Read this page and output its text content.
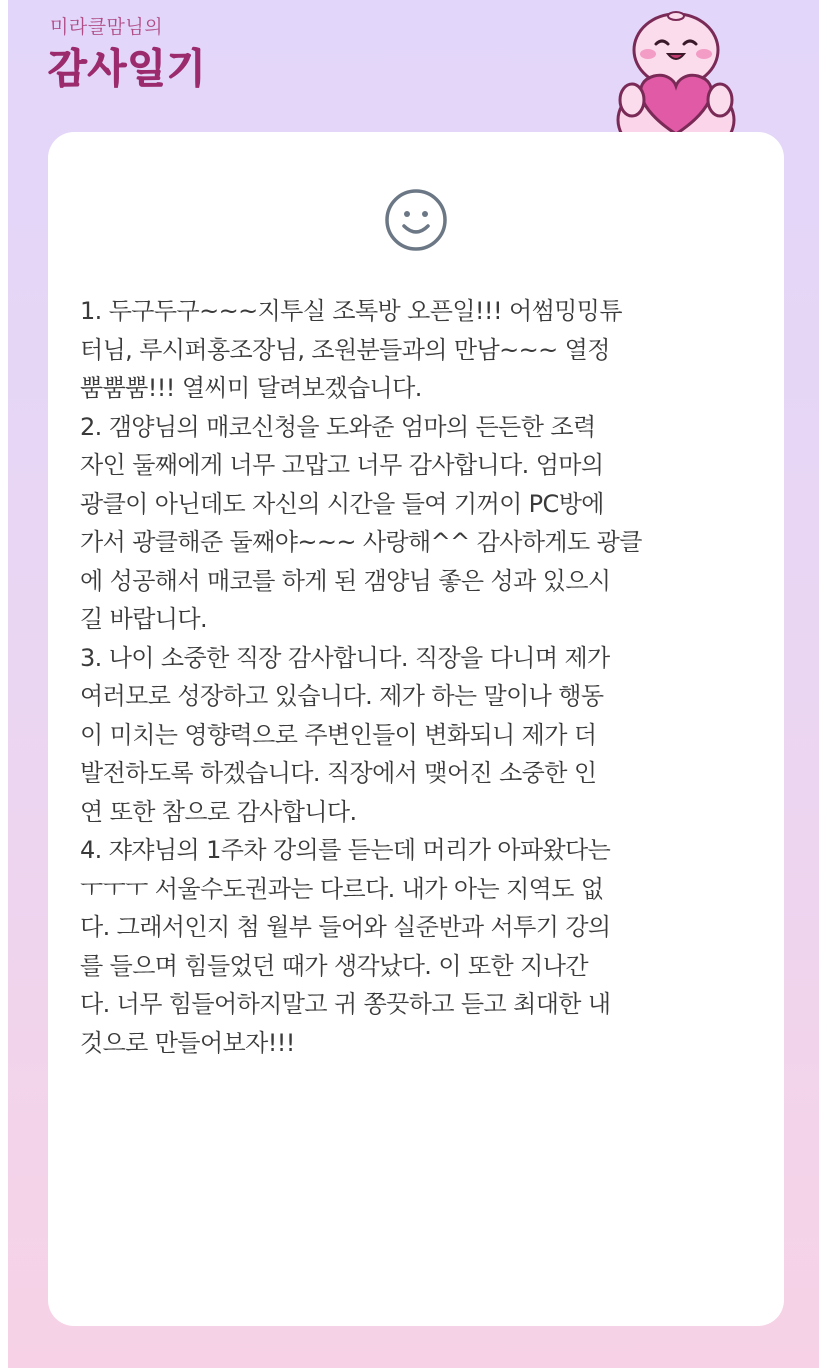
미라클맘님의

감사일기

1. 두구두구~~~지투실 조톡방 오픈일!!! 어썸밍밍튜
터님, 루시퍼홍조장님, 조원분들과의 만남~~~ 열정
뿜뿜뿜!!! 열씨미 달려보겠습니다.
2. 갬양님의 매코신청을 도와준 엄마의 든든한 조력
자인 둘째에게 너무 고맙고 너무 감사합니다. 엄마의
광클이 아닌데도 자신의 시간을 들여 기꺼이 PC방에
가서 광클해준 둘째야~~~ 사랑해^^ 감사하게도 광클
에 성공해서 매코를 하게 된 갬양님 좋은 성과 있으시
길 바랍니다.
3. 나이 소중한 직장 감사합니다. 직장을 다니며 제가
여러모로 성장하고 있습니다. 제가 하는 말이나 행동
이 미치는 영향력으로 주변인들이 변화되니 제가 더
발전하도록 하겠습니다. 직장에서 맺어진 소중한 인
연 또한 참으로 감사합니다.
4. 쟈쟈님의 1주차 강의를 듣는데 머리가 아파왔다는
ㅜㅜㅜ 서울수도권과는 다르다. 내가 아는 지역도 없
다. 그래서인지 첨 월부 들어와 실준반과 서투기 강의
를 들으며 힘들었던 때가 생각났다. 이 또한 지나간
다. 너무 힘들어하지말고 귀 쫑끗하고 듣고 최대한 내
것으로 만들어보자!!!
